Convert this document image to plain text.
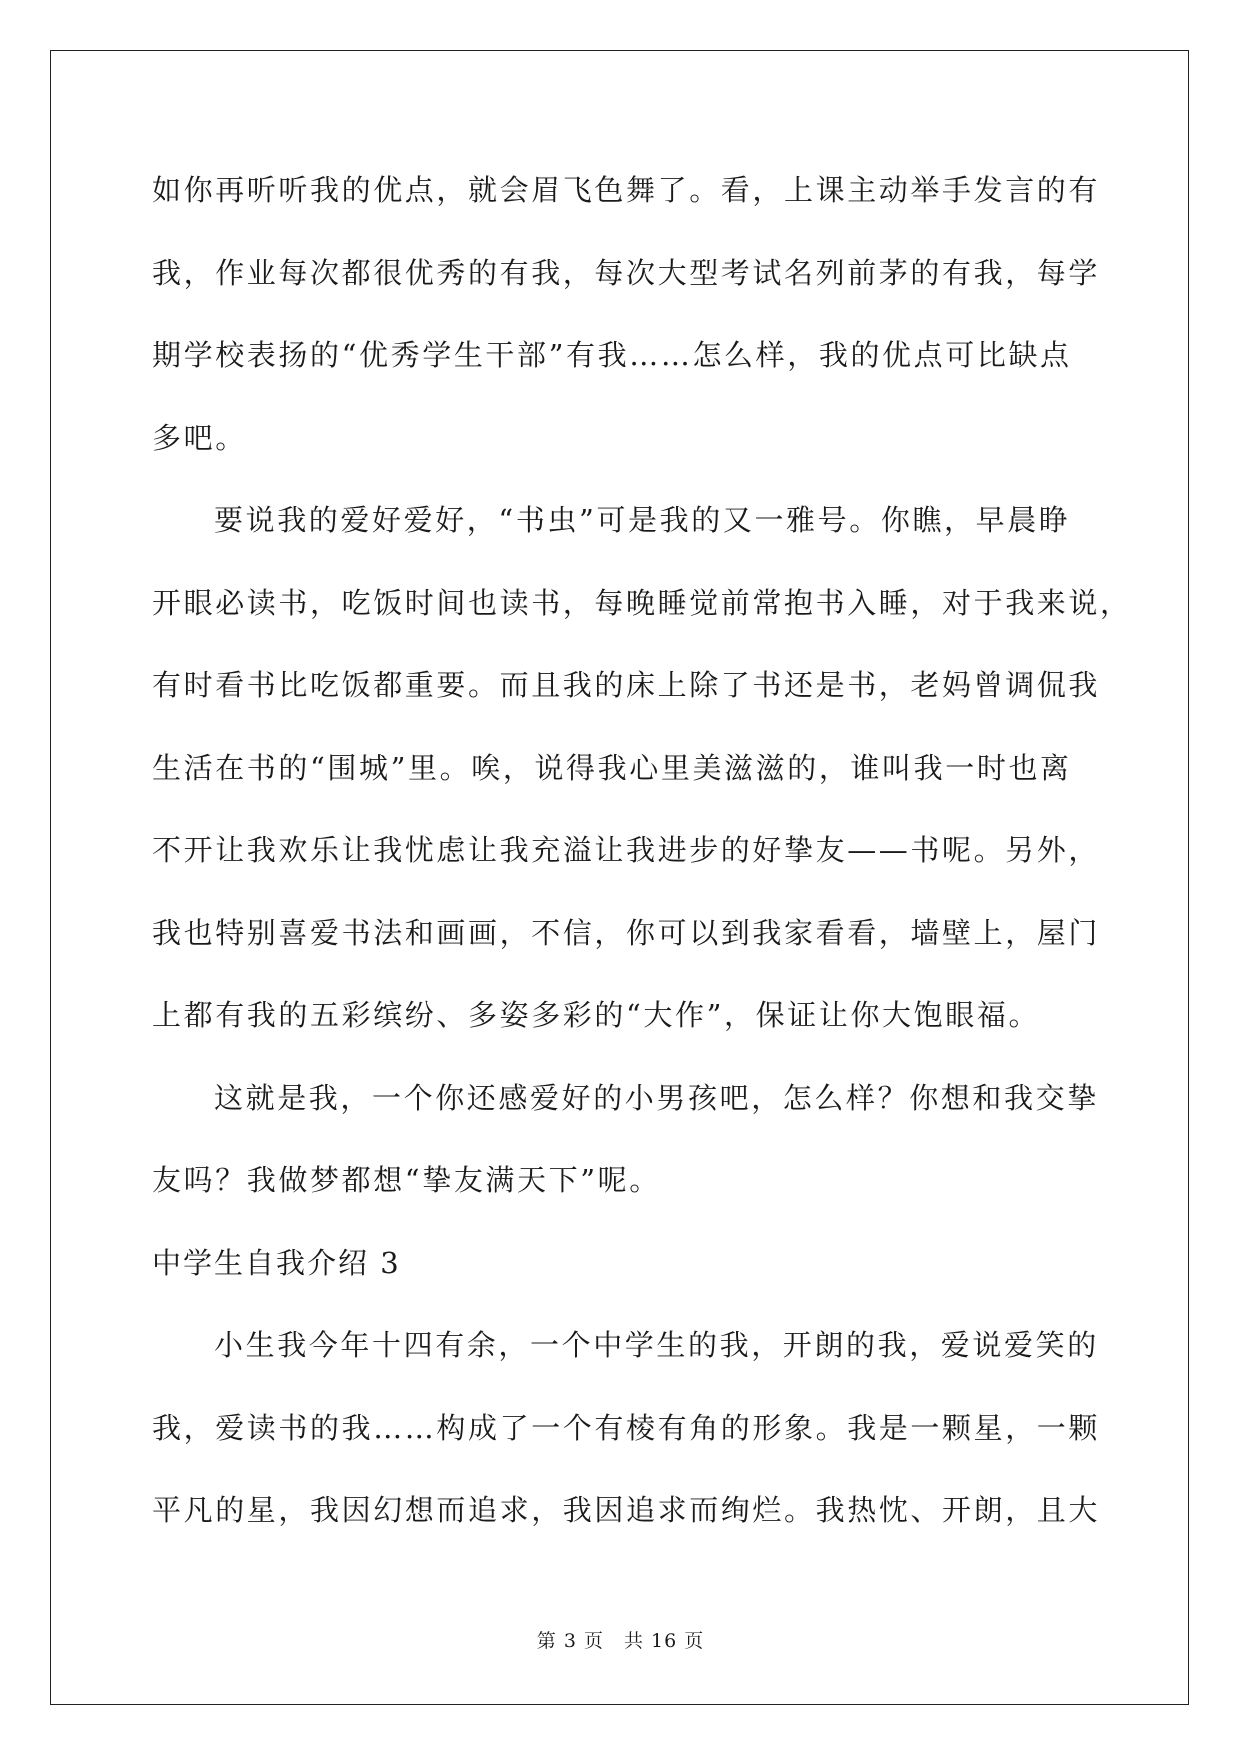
如你再听听我的优点，就会眉飞色舞了。看，上课主动举手发言的有
我，作业每次都很优秀的有我，每次大型考试名列前茅的有我，每学
期学校表扬的“优秀学生干部”有我……怎么样，我的优点可比缺点
多吧。
要说我的爱好爱好，“书虫”可是我的又一雅号。你瞧，早晨睁
开眼必读书，吃饭时间也读书，每晚睡觉前常抱书入睡，对于我来说，
有时看书比吃饭都重要。而且我的床上除了书还是书，老妈曾调侃我
生活在书的“围城”里。唉，说得我心里美滋滋的，谁叫我一时也离
不开让我欢乐让我忧虑让我充溢让我进步的好挚友——书呢。另外，
我也特别喜爱书法和画画，不信，你可以到我家看看，墙壁上，屋门
上都有我的五彩缤纷、多姿多彩的“大作”，保证让你大饱眼福。
这就是我，一个你还感爱好的小男孩吧，怎么样？你想和我交挚
友吗？我做梦都想“挚友满天下”呢。
中学生自我介绍 3
小生我今年十四有余，一个中学生的我，开朗的我，爱说爱笑的
我，爱读书的我……构成了一个有棱有角的形象。我是一颗星，一颗
平凡的星，我因幻想而追求，我因追求而绚烂。我热忱、开朗，且大
第 3 页 共 16 页
